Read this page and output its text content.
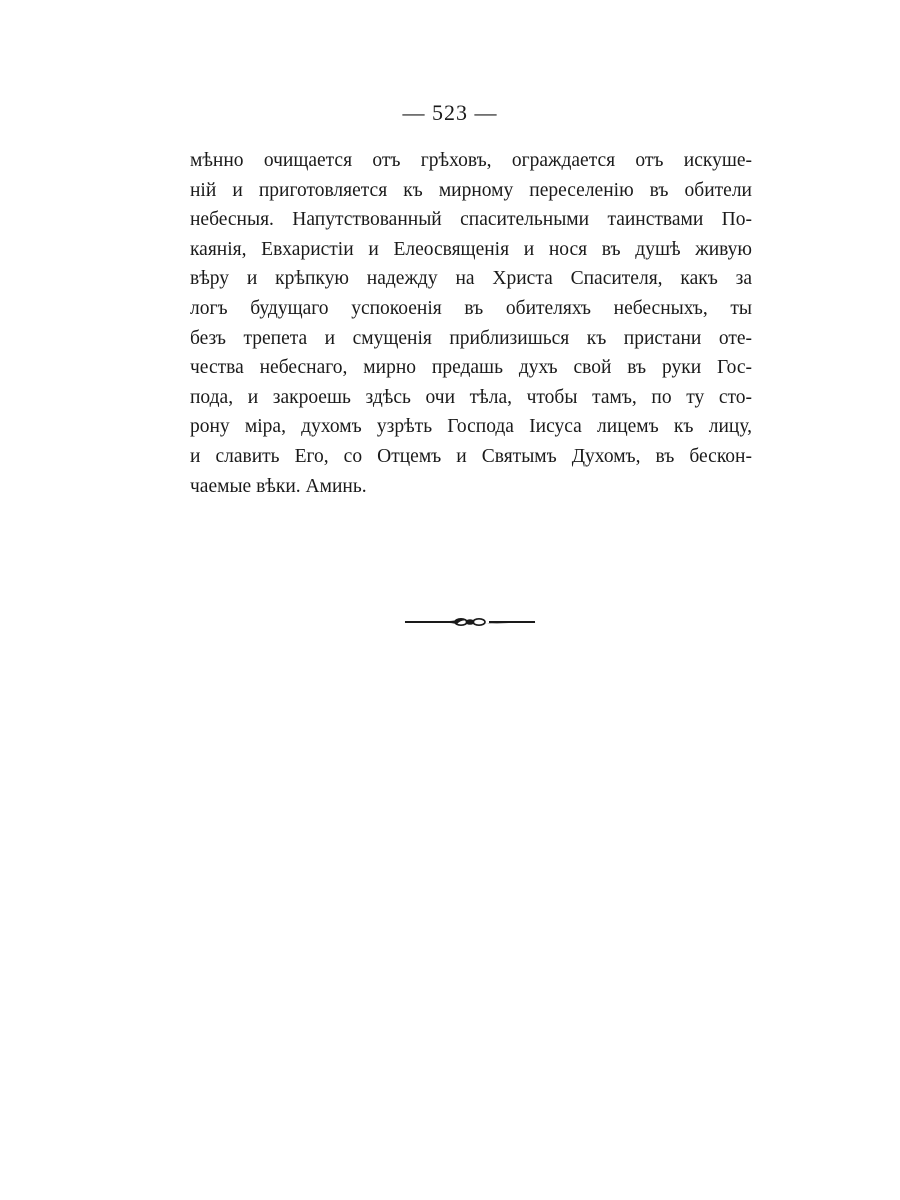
— 523 —
мѣнно очищается отъ грѣховъ, ограждается отъ искуше-
ній и приготовляется къ мирному переселенію въ обители
небесныя. Напутствованный спасительными таинствами По-
каянія, Евхаристіи и Елеосвященія и нося въ душѣ живую
вѣру и крѣпкую надежду на Христа Спасителя, какъ за
логъ будущаго успокоенія въ обителяхъ небесныхъ, ты
безъ трепета и смущенія приблизишься къ пристани оте-
чества небеснаго, мирно предашь духъ свой въ руки Гос-
пода, и закроешь здѣсь очи тѣла, чтобы тамъ, по ту сто-
рону міра, духомъ узрѣть Господа Іисуса лицемъ къ лицу,
и славить Его, со Отцемъ и Святымъ Духомъ, въ бескон-
чаемые вѣки. Аминь.
